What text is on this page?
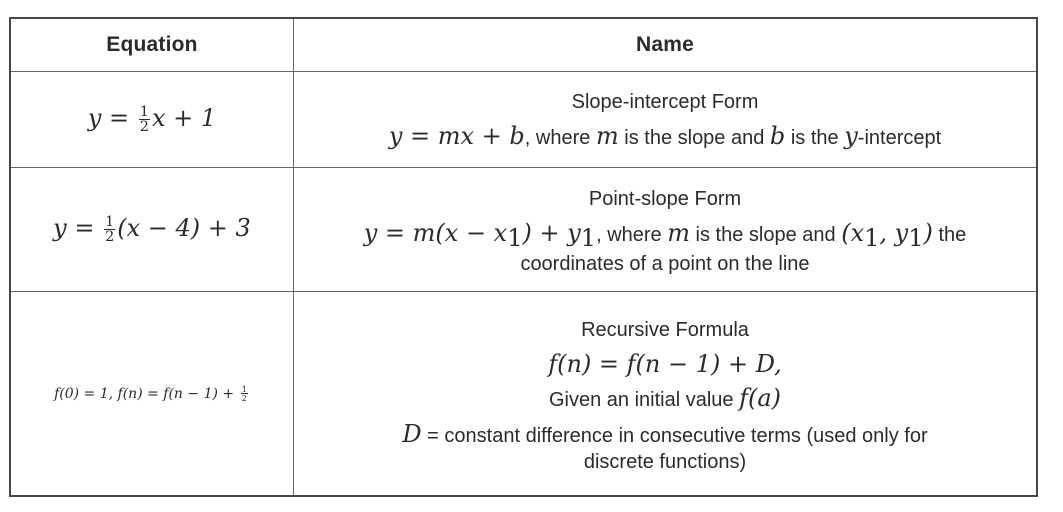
Equation	Name
$y = \frac{1}{2}$ x + 1
Slope-intercept Form
y = mx + b, where m is the slope and b is the y-intercept
$y = \frac{1}{2} (x - 4) + 3$
Point-slope Form
$y = m(x - x_1) + y_1$, where m is the slope and ($x_1$, $y_1$) the
coordinates of a point on the line
f(0) = 1, $f(n) = f(n - 1) + \frac{1}{2}$
Recursive Formula
f(n) = f(n − 1) + D,
Given an initial value f(a)
D = constant difference in consecutive terms (used only for
discrete functions)
